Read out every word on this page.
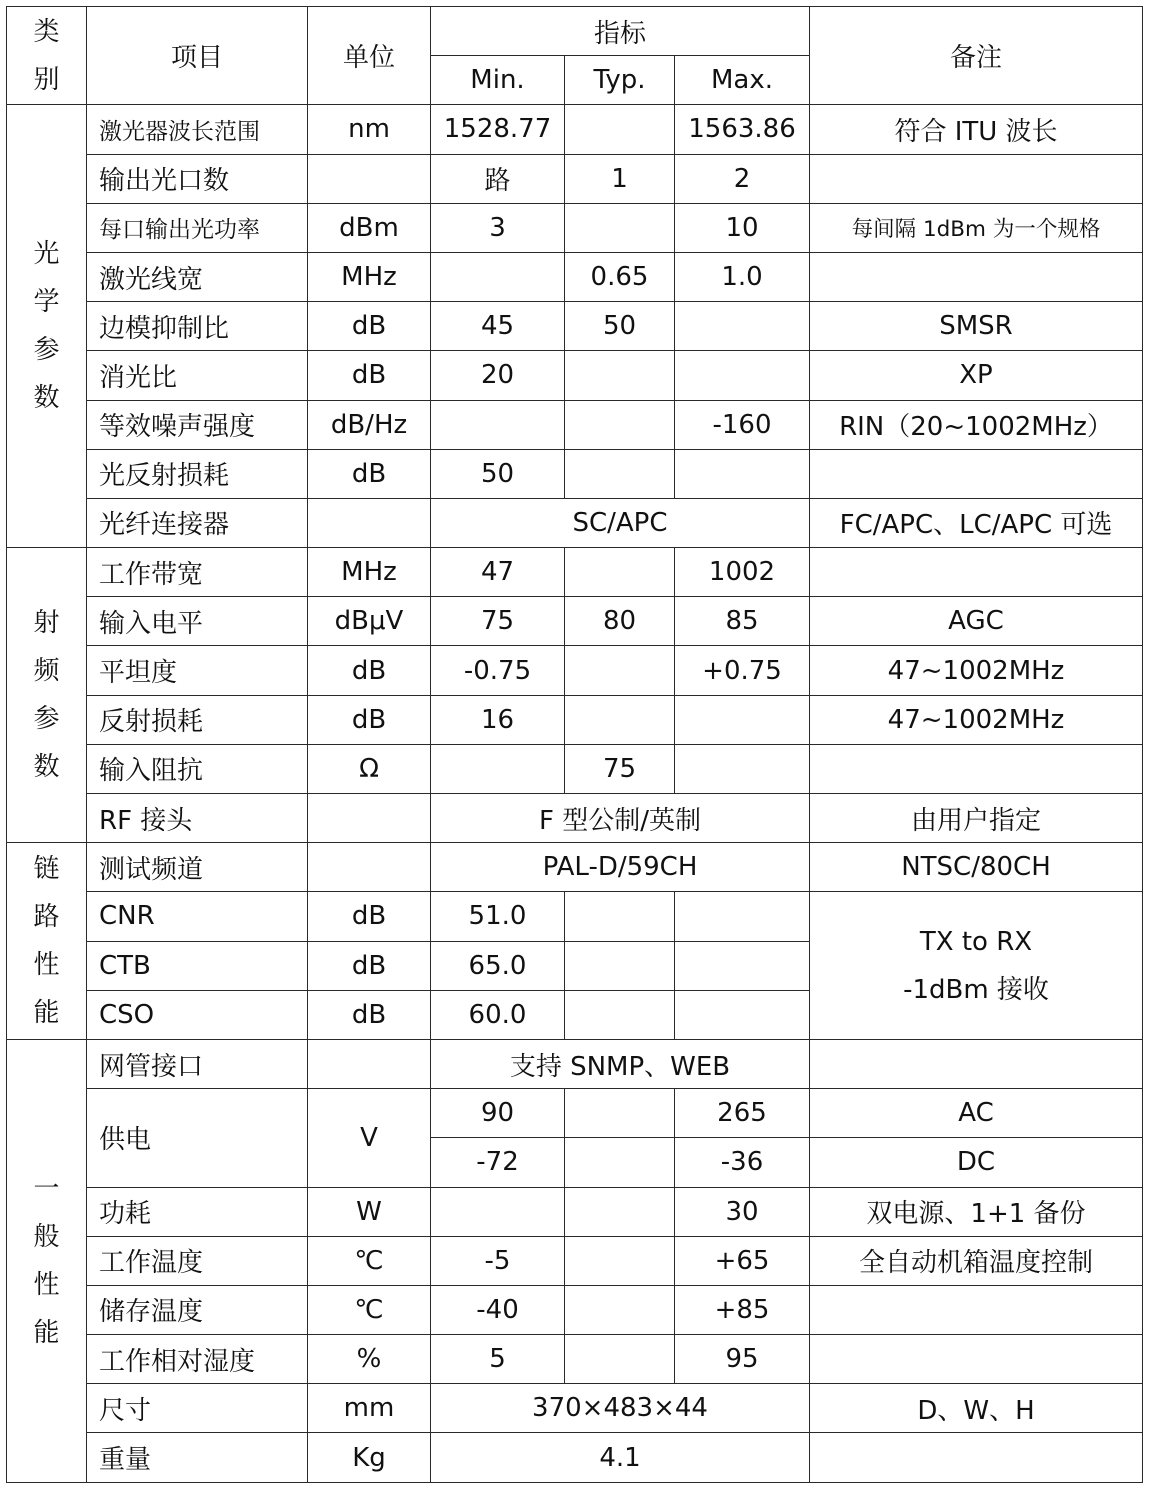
类
别	项目	单位	指标			备注
			Min.	Typ.	Max.	

光
学
参
数	激光器波长范围	nm	1528.77		1563.86	符合 ITU 波长
	输出光口数		路	1	2	
	每口输出光功率	dBm	3		10	每间隔 1dBm 为一个规格
	激光线宽	MHz		0.65	1.0	
	边模抑制比	dB	45	50		SMSR
	消光比	dB	20			XP
	等效噪声强度	dB/Hz			-160	RIN（20~1002MHz）
	光反射损耗	dB	50			
	光纤连接器		SC/APC			FC/APC、LC/APC 可选

射
频
参
数	工作带宽	MHz	47		1002	
	输入电平	dBμV	75	80	85	AGC
	平坦度	dB	-0.75		+0.75	47~1002MHz
	反射损耗	dB	16			47~1002MHz
	输入阻抗	Ω		75		
	RF 接头		F 型公制/英制			由用户指定

链
路
性
能	测试频道		PAL-D/59CH			NTSC/80CH
	CNR	dB	51.0			TX to RX
-1dBm 接收

	CTB	dB	65.0			
	CSO	dB	60.0			

一
般
性
能	网管接口		支持 SNMP、WEB			
	供电	V	90		265	AC
			-72		-36	DC
	功耗	W			30	双电源、1+1 备份
	工作温度	℃	-5		+65	全自动机箱温度控制
	储存温度	℃	-40		+85	
	工作相对湿度	%	5		95	
	尺寸	mm	370×483×44			D、W、H
	重量	Kg	4.1			
